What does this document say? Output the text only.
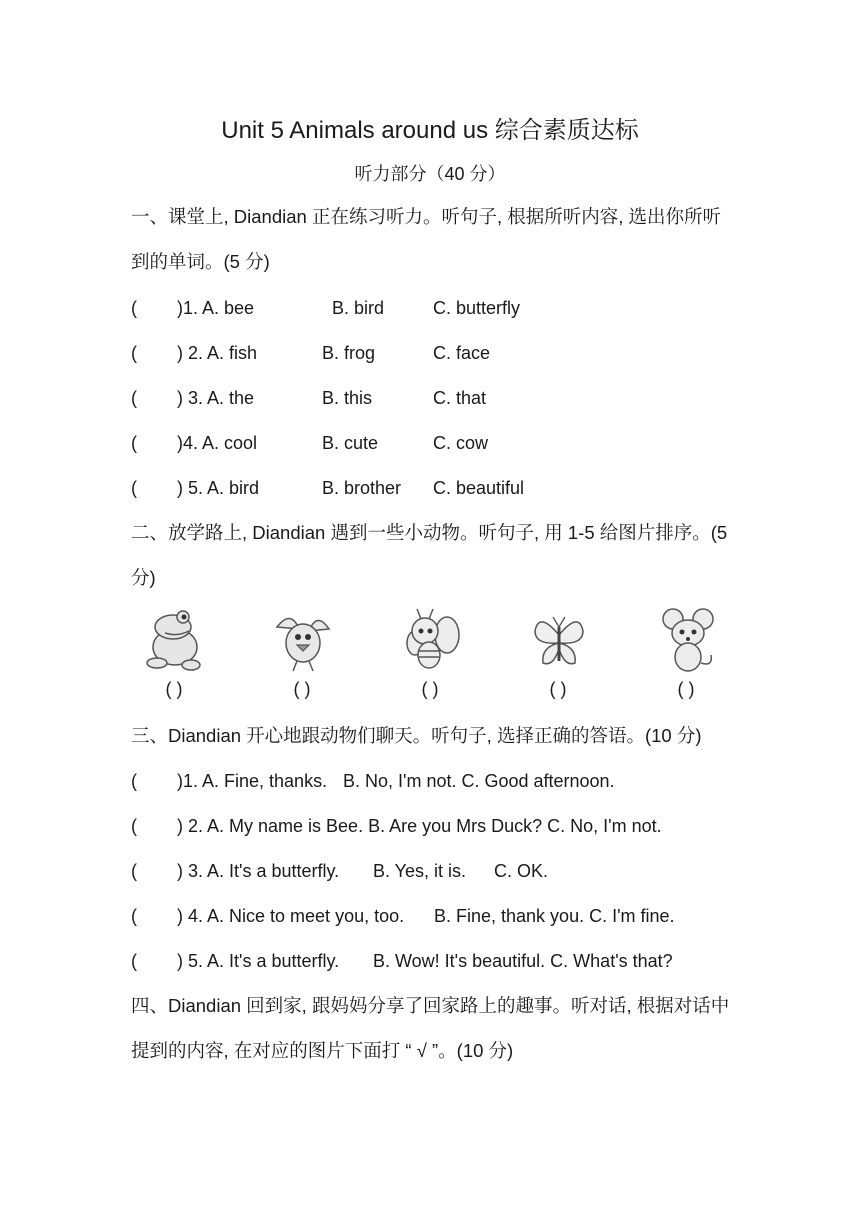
Unit 5 Animals around us 综合素质达标
听力部分（40 分）
一、课堂上, Diandian 正在练习听力。听句子, 根据所听内容, 选出你所听到的单词。(5 分)
( )1. A. bee	B. bird	C. butterfly
( ) 2. A. fish	B. frog	C. face
( ) 3. A. the	B. this	C. that
( )4. A. cool	B. cute	C. cow
( ) 5. A. bird	B. brother C. beautiful
二、放学路上, Diandian 遇到一些小动物。听句子, 用 1-5 给图片排序。(5 分)
( )	( )	( )	( )	( )
三、Diandian 开心地跟动物们聊天。听句子, 选择正确的答语。(10 分)
( )1. A. Fine, thanks. B. No, I'm not. C. Good afternoon.
( ) 2. A. My name is Bee. B. Are you Mrs Duck? C. No, I'm not.
( ) 3. A. It's a butterfly. B. Yes, it is. C. OK.
( ) 4. A. Nice to meet you, too. B. Fine, thank you. C. I'm fine.
( ) 5. A. It's a butterfly. B. Wow! It's beautiful. C. What's that?
四、Diandian 回到家, 跟妈妈分享了回家路上的趣事。听对话, 根据对话中提到的内容, 在对应的图片下面打 “ √ ”。(10 分)
